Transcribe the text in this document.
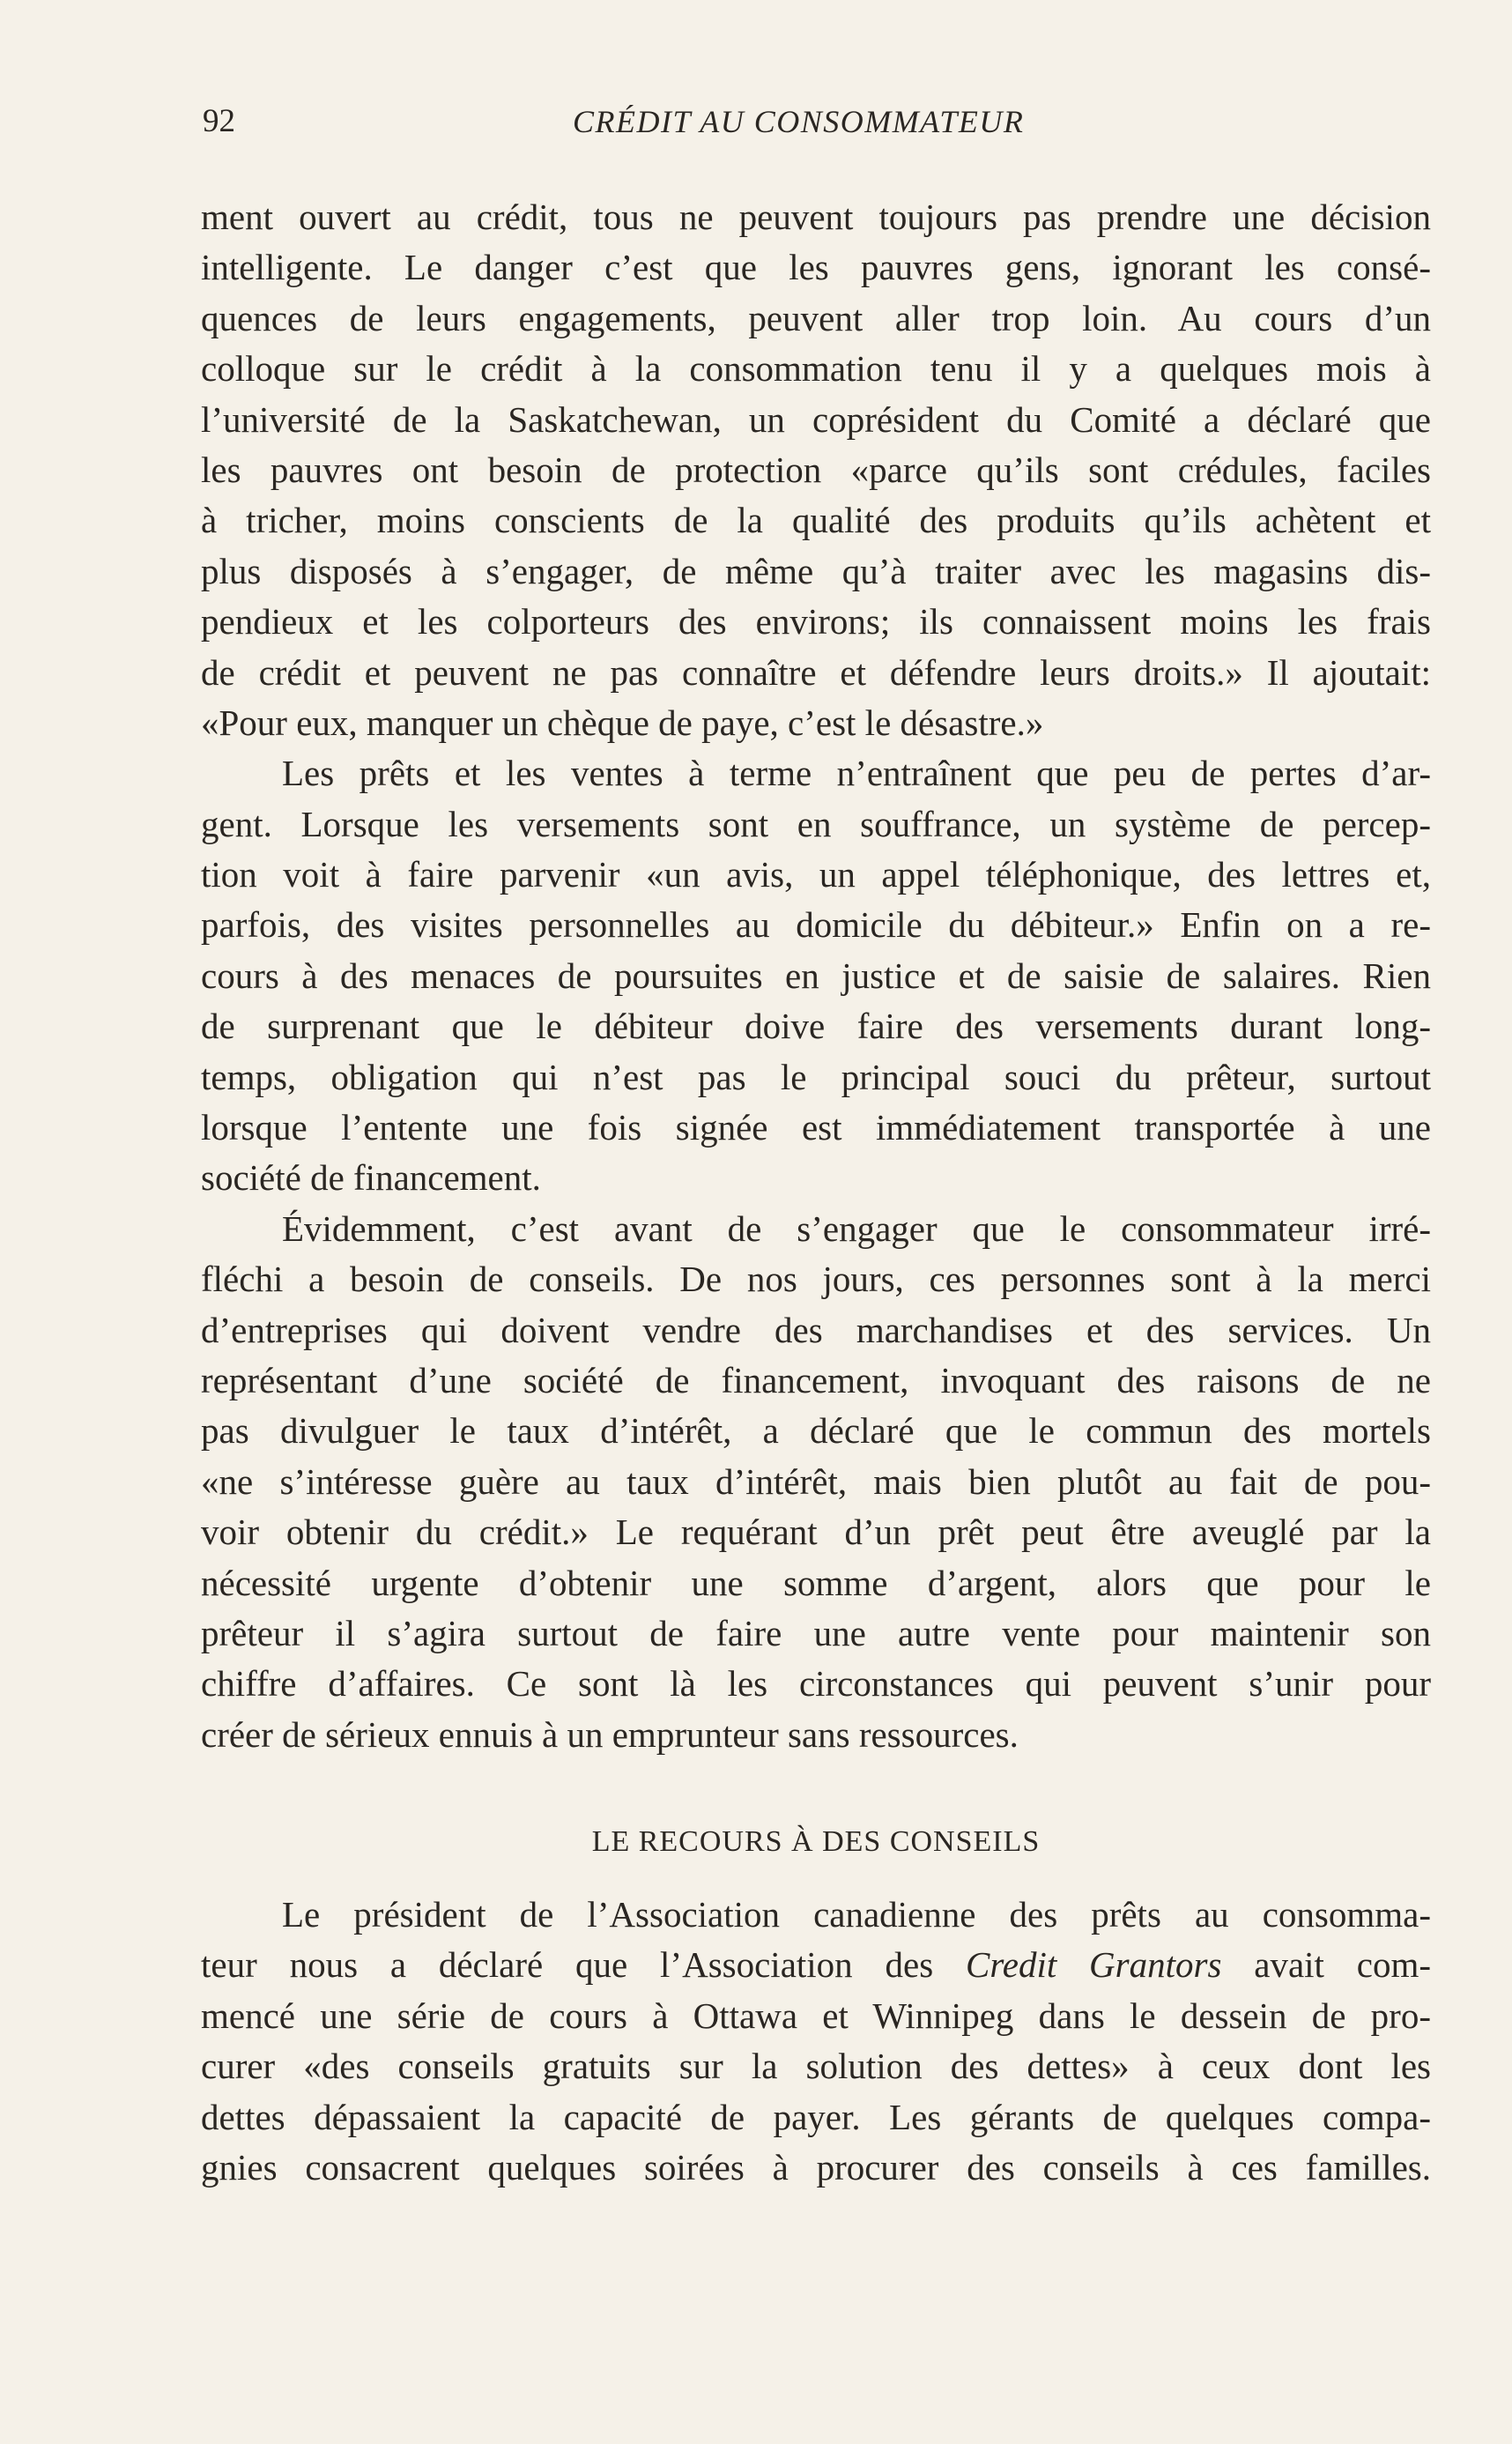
92	CRÉDIT AU CONSOMMATEUR
ment ouvert au crédit, tous ne peuvent toujours pas prendre une décision
intelligente. Le danger c’est que les pauvres gens, ignorant les consé-
quences de leurs engagements, peuvent aller trop loin. Au cours d’un
colloque sur le crédit à la consommation tenu il y a quelques mois à
l’université de la Saskatchewan, un coprésident du Comité a déclaré que
les pauvres ont besoin de protection «parce qu’ils sont crédules, faciles
à tricher, moins conscients de la qualité des produits qu’ils achètent et
plus disposés à s’engager, de même qu’à traiter avec les magasins dis-
pendieux et les colporteurs des environs; ils connaissent moins les frais
de crédit et peuvent ne pas connaître et défendre leurs droits.» Il ajoutait:
«Pour eux, manquer un chèque de paye, c’est le désastre.»
Les prêts et les ventes à terme n’entraînent que peu de pertes d’ar-
gent. Lorsque les versements sont en souffrance, un système de percep-
tion voit à faire parvenir «un avis, un appel téléphonique, des lettres et,
parfois, des visites personnelles au domicile du débiteur.» Enfin on a re-
cours à des menaces de poursuites en justice et de saisie de salaires. Rien
de surprenant que le débiteur doive faire des versements durant long-
temps, obligation qui n’est pas le principal souci du prêteur, surtout
lorsque l’entente une fois signée est immédiatement transportée à une
société de financement.
Évidemment, c’est avant de s’engager que le consommateur irré-
fléchi a besoin de conseils. De nos jours, ces personnes sont à la merci
d’entreprises qui doivent vendre des marchandises et des services. Un
représentant d’une société de financement, invoquant des raisons de ne
pas divulguer le taux d’intérêt, a déclaré que le commun des mortels
«ne s’intéresse guère au taux d’intérêt, mais bien plutôt au fait de pou-
voir obtenir du crédit.» Le requérant d’un prêt peut être aveuglé par la
nécessité urgente d’obtenir une somme d’argent, alors que pour le
prêteur il s’agira surtout de faire une autre vente pour maintenir son
chiffre d’affaires. Ce sont là les circonstances qui peuvent s’unir pour
créer de sérieux ennuis à un emprunteur sans ressources.
LE RECOURS À DES CONSEILS
Le président de l’Association canadienne des prêts au consomma-
teur nous a déclaré que l’Association des Credit Grantors avait com-
mencé une série de cours à Ottawa et Winnipeg dans le dessein de pro-
curer «des conseils gratuits sur la solution des dettes» à ceux dont les
dettes dépassaient la capacité de payer. Les gérants de quelques compa-
gnies consacrent quelques soirées à procurer des conseils à ces familles.
